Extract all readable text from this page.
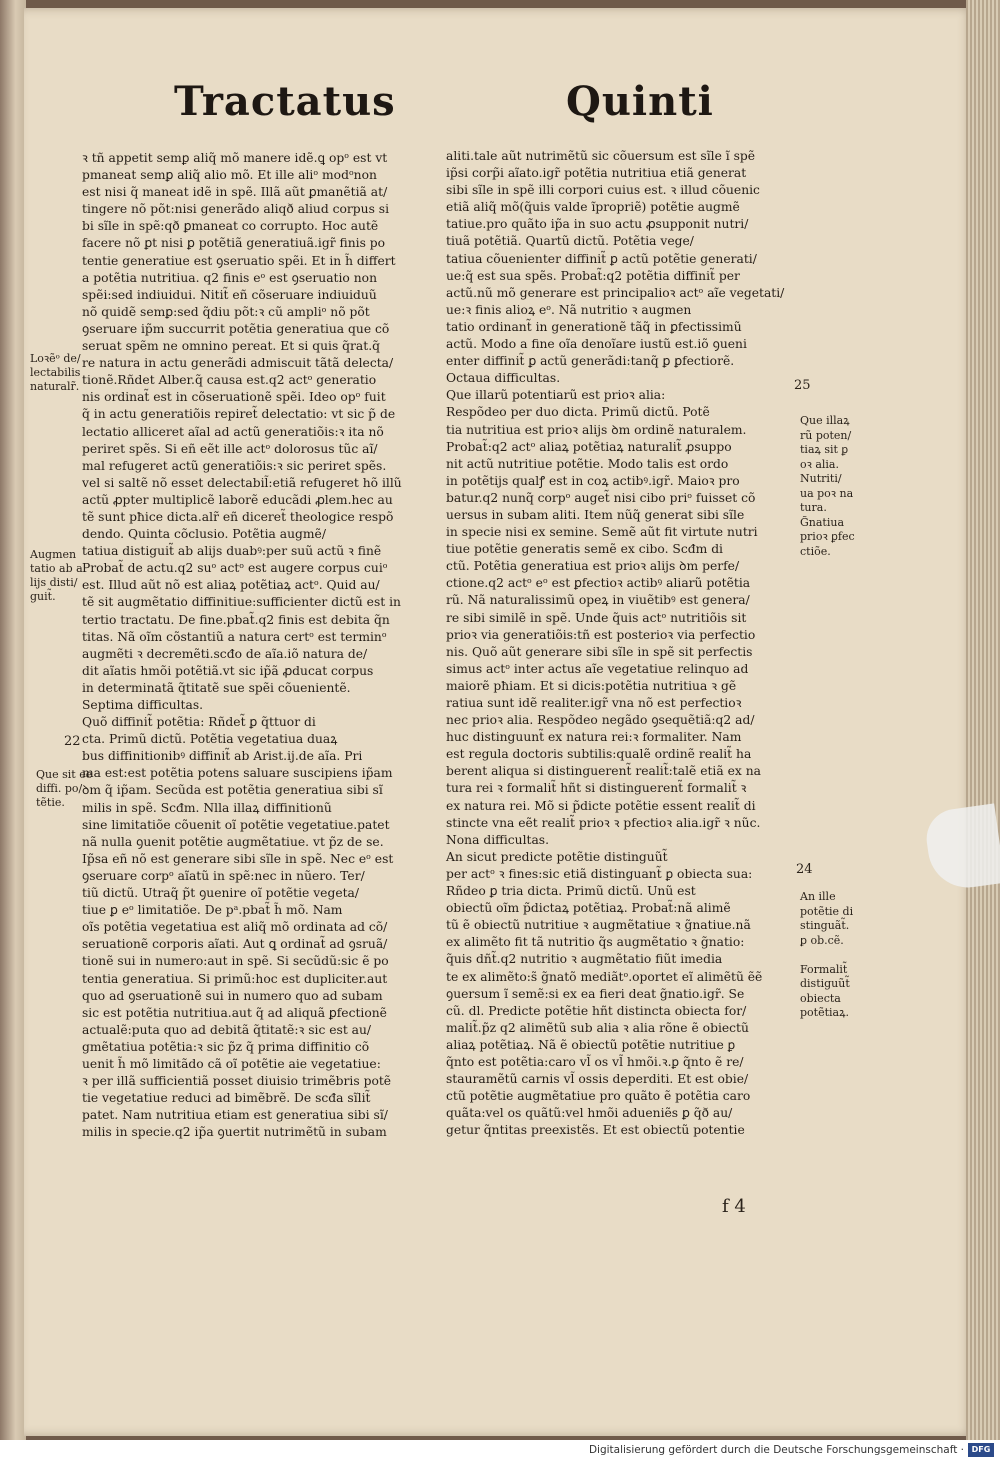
Tractatus	Quinti
ꝛ tñ appetit semꝑ aliq̃ mõ manere idẽ.ꝗ opᵒ est vt
pmaneat semꝑ aliq̃ alio mõ. Et ille aliᵒ modᵒnon
est nisi q̃ maneat idẽ in spẽ. Illã aũt ꝑmanẽtiã at/
tingere nõ põt:nisi generãdo aliqð aliud corpus si
bi sĩle in spẽ:qð ꝑmaneat co corrupto. Hoc autẽ
facere nõ ꝑt nisi ꝑ potẽtiã generatiuã.igr̃ finis po
tentie generatiue est ꝯseruatio spẽi. Et in h̃ differt
a potẽtia nutritiua. q2 finis eᵒ est ꝯseruatio non
spẽi:sed indiuidui. Nitit̃ eñ cõseruare indiuiduũ
nõ quidẽ semꝑ:sed q̃diu põt:ꝛ cũ ampliᵒ nõ põt
ꝯseruare ip̃m succurrit potẽtia generatiua que cõ
seruat spẽm ne omnino pereat. Et si quis q̃rat.q̃
re natura in actu generãdi admiscuit tãtã delecta/
tionẽ.Rñdet Alber.q̃ causa est.q2 actᵒ generatio
nis ordinat̃ est in cõseruationẽ spẽi. Ideo opᵒ fuit
q̃ in actu generatiõis repiret̃ delectatio: vt sic p̃ de
lectatio alliceret aĩal ad actũ generatiõis:ꝛ ita nõ
periret spẽs. Si eñ eẽt ille actᵒ dolorosus tũc aĩ/
mal refugeret actũ generatiõis:ꝛ sic periret spẽs.
vel si saltẽ nõ esset delectabil̃:etiã refugeret hõ illũ
actũ ꝓpter multiplicẽ laborẽ educãdi ꝓlem.hec au
tẽ sunt pħice dicta.alr̃ eñ diceret̃ theologice respõ
dendo. Quinta cõclusio. Potẽtia augmẽ/
tatiua distiguit̃ ab alijs duabꝰ:per suũ actũ ꝛ finẽ
Probat̃ de actu.q2 suᵒ actᵒ est augere corpus cuiᵒ
est. Illud aũt nõ est aliaꝝ potẽtiaꝝ actᵒ. Quid au/
tẽ sit augmẽtatio diffinitiue:sufficienter dictũ est in
tertio tractatu. De fine.pbat̃.q2 finis est debita q̃n
titas. Nã oĩm cõstantiũ a natura certᵒ est terminᵒ
augmẽti ꝛ decremẽti.scđo de aĩa.iõ natura de/
dit aĩatis hmõi potẽtiã.vt sic ip̃ã ꝓducat corpus
in determinatã q̃titatẽ sue spẽi cõuenientẽ.
Septima difficultas.
Quõ diffinit̃ potẽtia: Rñdet̃ ꝑ q̃ttuor di
cta. Primũ dictũ. Potẽtia vegetatiua duaꝝ
bus diffinitionibꝰ diffinit̃ ab Arist.ij.de aĩa. Pri
ma est:est potẽtia potens saluare suscipiens ip̃am
ꝺm q̃ ip̃am. Secũda est potẽtia generatiua sibi sĩ
milis in spẽ. Scđm. Nlla illaꝝ diffinitionũ
sine limitatiõe cõuenit oĩ potẽtie vegetatiue.patet
nã nulla ꝯuenit potẽtie augmẽtatiue. vt p̃z de se.
Ip̃sa eñ nõ est generare sibi sĩle in spẽ. Nec eᵒ est
ꝯseruare corpᵒ aĩatũ in spẽ:nec in nũero. Ter/
tiũ dictũ. Utraq̃ p̃t ꝯuenire oĩ potẽtie vegeta/
tiue ꝑ eᵒ limitatiõe. De pᵃ.pbat̃ h̃ mõ. Nam
oĩs potẽtia vegetatiua est aliq̃ mõ ordinata ad cõ/
seruationẽ corporis aĩati. Aut ꝗ ordinat̃ ad ꝯsruã/
tionẽ sui in numero:aut in spẽ. Si secũdũ:sic ẽ po
tentia generatiua. Si primũ:hoc est dupliciter.aut
quo ad ꝯseruationẽ sui in numero quo ad subam
sic est potẽtia nutritiua.aut q̃ ad aliquã ꝑfectionẽ
actualẽ:puta quo ad debitã q̃titatẽ:ꝛ sic est au/
gmẽtatiua potẽtia:ꝛ sic p̃z q̃ prima diffinitio cõ
uenit h̃ mõ limitãdo cã oĩ potẽtie aie vegetatiue:
ꝛ per illã sufficientiã posset diuisio trimẽbris potẽ
tie vegetatiue reduci ad bimẽbrẽ. De scđa sĩlit̃
patet. Nam nutritiua etiam est generatiua sibi sĩ/
milis in specie.q2 ip̃a ꝯuertit nutrimẽtũ in subam
aliti.tale aũt nutrimẽtũ sic cõuersum est sĩle ĩ spẽ
ip̃si corp̃i aĩato.igr̃ potẽtia nutritiua etiã generat
sibi sĩle in spẽ illi corpori cuius est. ꝛ illud cõuenic
etiã aliq̃ mõ(q̃uis valde ĩpropriẽ) potẽtie augmẽ
tatiue.pro quãto ip̃a in suo actu ꝓsupponit nutri/
tiuã potẽtiã. Quartũ dictũ. Potẽtia vege/
tatiua cõuenienter diffinit̃ ꝑ actũ potẽtie generati/
ue:q̃ est sua spẽs. Probat̃:q2 potẽtia diffinit̃ per
actũ.nũ mõ generare est principalioꝛ actᵒ aĩe vegetati/
ue:ꝛ finis alioꝝ eᵒ. Nã nutritio ꝛ augmen
tatio ordinant̃ in generationẽ tãq̃ in ꝑfectissimũ
actũ. Modo a fine oĩa denoĩare iustũ est.iõ ꝯueni
enter diffinit̃ ꝑ actũ generãdi:tanq̃ ꝑ ꝑfectiorẽ.
Octaua difficultas.
Que illarũ potentiarũ est prioꝛ alia:
Respõdeo per duo dicta. Primũ dictũ. Potẽ
tia nutritiua est prioꝛ alijs ꝺm ordinẽ naturalem.
Probat̃:q2 actᵒ aliaꝝ potẽtiaꝝ naturalit̃ ꝓsuppo
nit actũ nutritiue potẽtie. Modo talis est ordo
in potẽtijs qualꝭ est in coꝝ actibꝰ.igr̃. Maioꝛ pro
batur.q2 nunq̃ corpᵒ auget̃ nisi cibo priᵒ fuisset cõ
uersus in subam aliti. Item nũq̃ generat sibi sĩle
in specie nisi ex semine. Semẽ aũt fit virtute nutri
tiue potẽtie generatis semẽ ex cibo. Scđm di
ctũ. Potẽtia generatiua est prioꝛ alijs ꝺm perfe/
ctione.q2 actᵒ eᵒ est ꝑfectioꝛ actibꝰ aliarũ potẽtia
rũ. Nã naturalissimũ opeꝝ in viuẽtibꝰ est genera/
re sibi similẽ in spẽ. Unde q̃uis actᵒ nutritiõis sit
prioꝛ via generatiõis:tñ est posterioꝛ via perfectio
nis. Quõ aũt generare sibi sĩle in spẽ sit perfectis
simus actᵒ inter actus aĩe vegetatiue relinquo ad
maiorẽ pħiam. Et si dicis:potẽtia nutritiua ꝛ gẽ
ratiua sunt idẽ realiter.igr̃ vna nõ est perfectioꝛ
nec prioꝛ alia. Respõdeo negãdo ꝯsequẽtiã:q2 ad/
huc distinguunt̃ ex natura rei:ꝛ formaliter. Nam
est regula doctoris subtilis:qualẽ ordinẽ realit̃ ha
berent aliqua si distinguerent̃ realit̃:talẽ etiã ex na
tura rei ꝛ formalit̃ hñt si distinguerent̃ formalit̃ ꝛ
ex natura rei. Mõ si p̃dicte potẽtie essent realit̃ di
stincte vna eẽt realit̃ prioꝛ ꝛ pfectioꝛ alia.igr̃ ꝛ nũc.
Nona difficultas.
An sicut predicte potẽtie distinguũt̃
per actᵒ ꝛ fines:sic etiã distinguant̃ ꝑ obiecta sua:
Rñdeo ꝑ tria dicta. Primũ dictũ. Unũ est
obiectũ oĩm p̃dictaꝝ potẽtiaꝝ. Probat̃:nã alimẽ
tũ ẽ obiectũ nutritiue ꝛ augmẽtatiue ꝛ g̃natiue.nã
ex alimẽto fit tã nutritio q̃s augmẽtatio ꝛ g̃natio:
q̃uis dñt̃.q2 nutritio ꝛ augmẽtatio fiũt imedia
te ex alimẽto:s̃ g̃natõ mediãtᵒ.oportet eĩ alimẽtũ ẽẽ
ꝯuersum ĩ semẽ:si ex ea fieri deat g̃natio.igr̃. Se
cũ. dl. Predicte potẽtie hñt distincta obiecta for/
malit̃.p̃z q2 alimẽtũ sub alia ꝛ alia rõne ẽ obiectũ
aliaꝝ potẽtiaꝝ. Nã ẽ obiectũ potẽtie nutritiue ꝑ
q̃nto est potẽtia:caro vl̃ os vl̃ hmõi.ꝛ.ꝑ q̃nto ẽ re/
stauramẽtũ carnis vl̃ ossis deperditi. Et est obie/
ctũ potẽtie augmẽtatiue pro quãto ẽ potẽtia caro
quãta:vel os quãtũ:vel hmõi adueniẽs ꝑ q̃ð au/
getur q̃ntitas preexistẽs. Et est obiectũ potentie
Loꝛẽᵒ de/
lectabilis
naturalr̃.
Augmen
tatio ab a
lijs disti/
guit̃.
Que sit ee
diffi. po/
tẽtie.
Que illaꝝ
rũ poten/
tiaꝝ sit ꝑ
oꝛ alia.
Nutriti/
ua poꝛ na
tura.
G̃natiua
prioꝛ ꝑfec
ctiõe.
An ille
potẽtie di
stinguãt̃.
ꝑ ob.cẽ.

Formalit̃
distiguũt̃
obiecta
potẽtiaꝝ.
22
25
24
f 4
Digitalisierung gefördert durch die Deutsche Forschungsgemeinschaft · DFG
